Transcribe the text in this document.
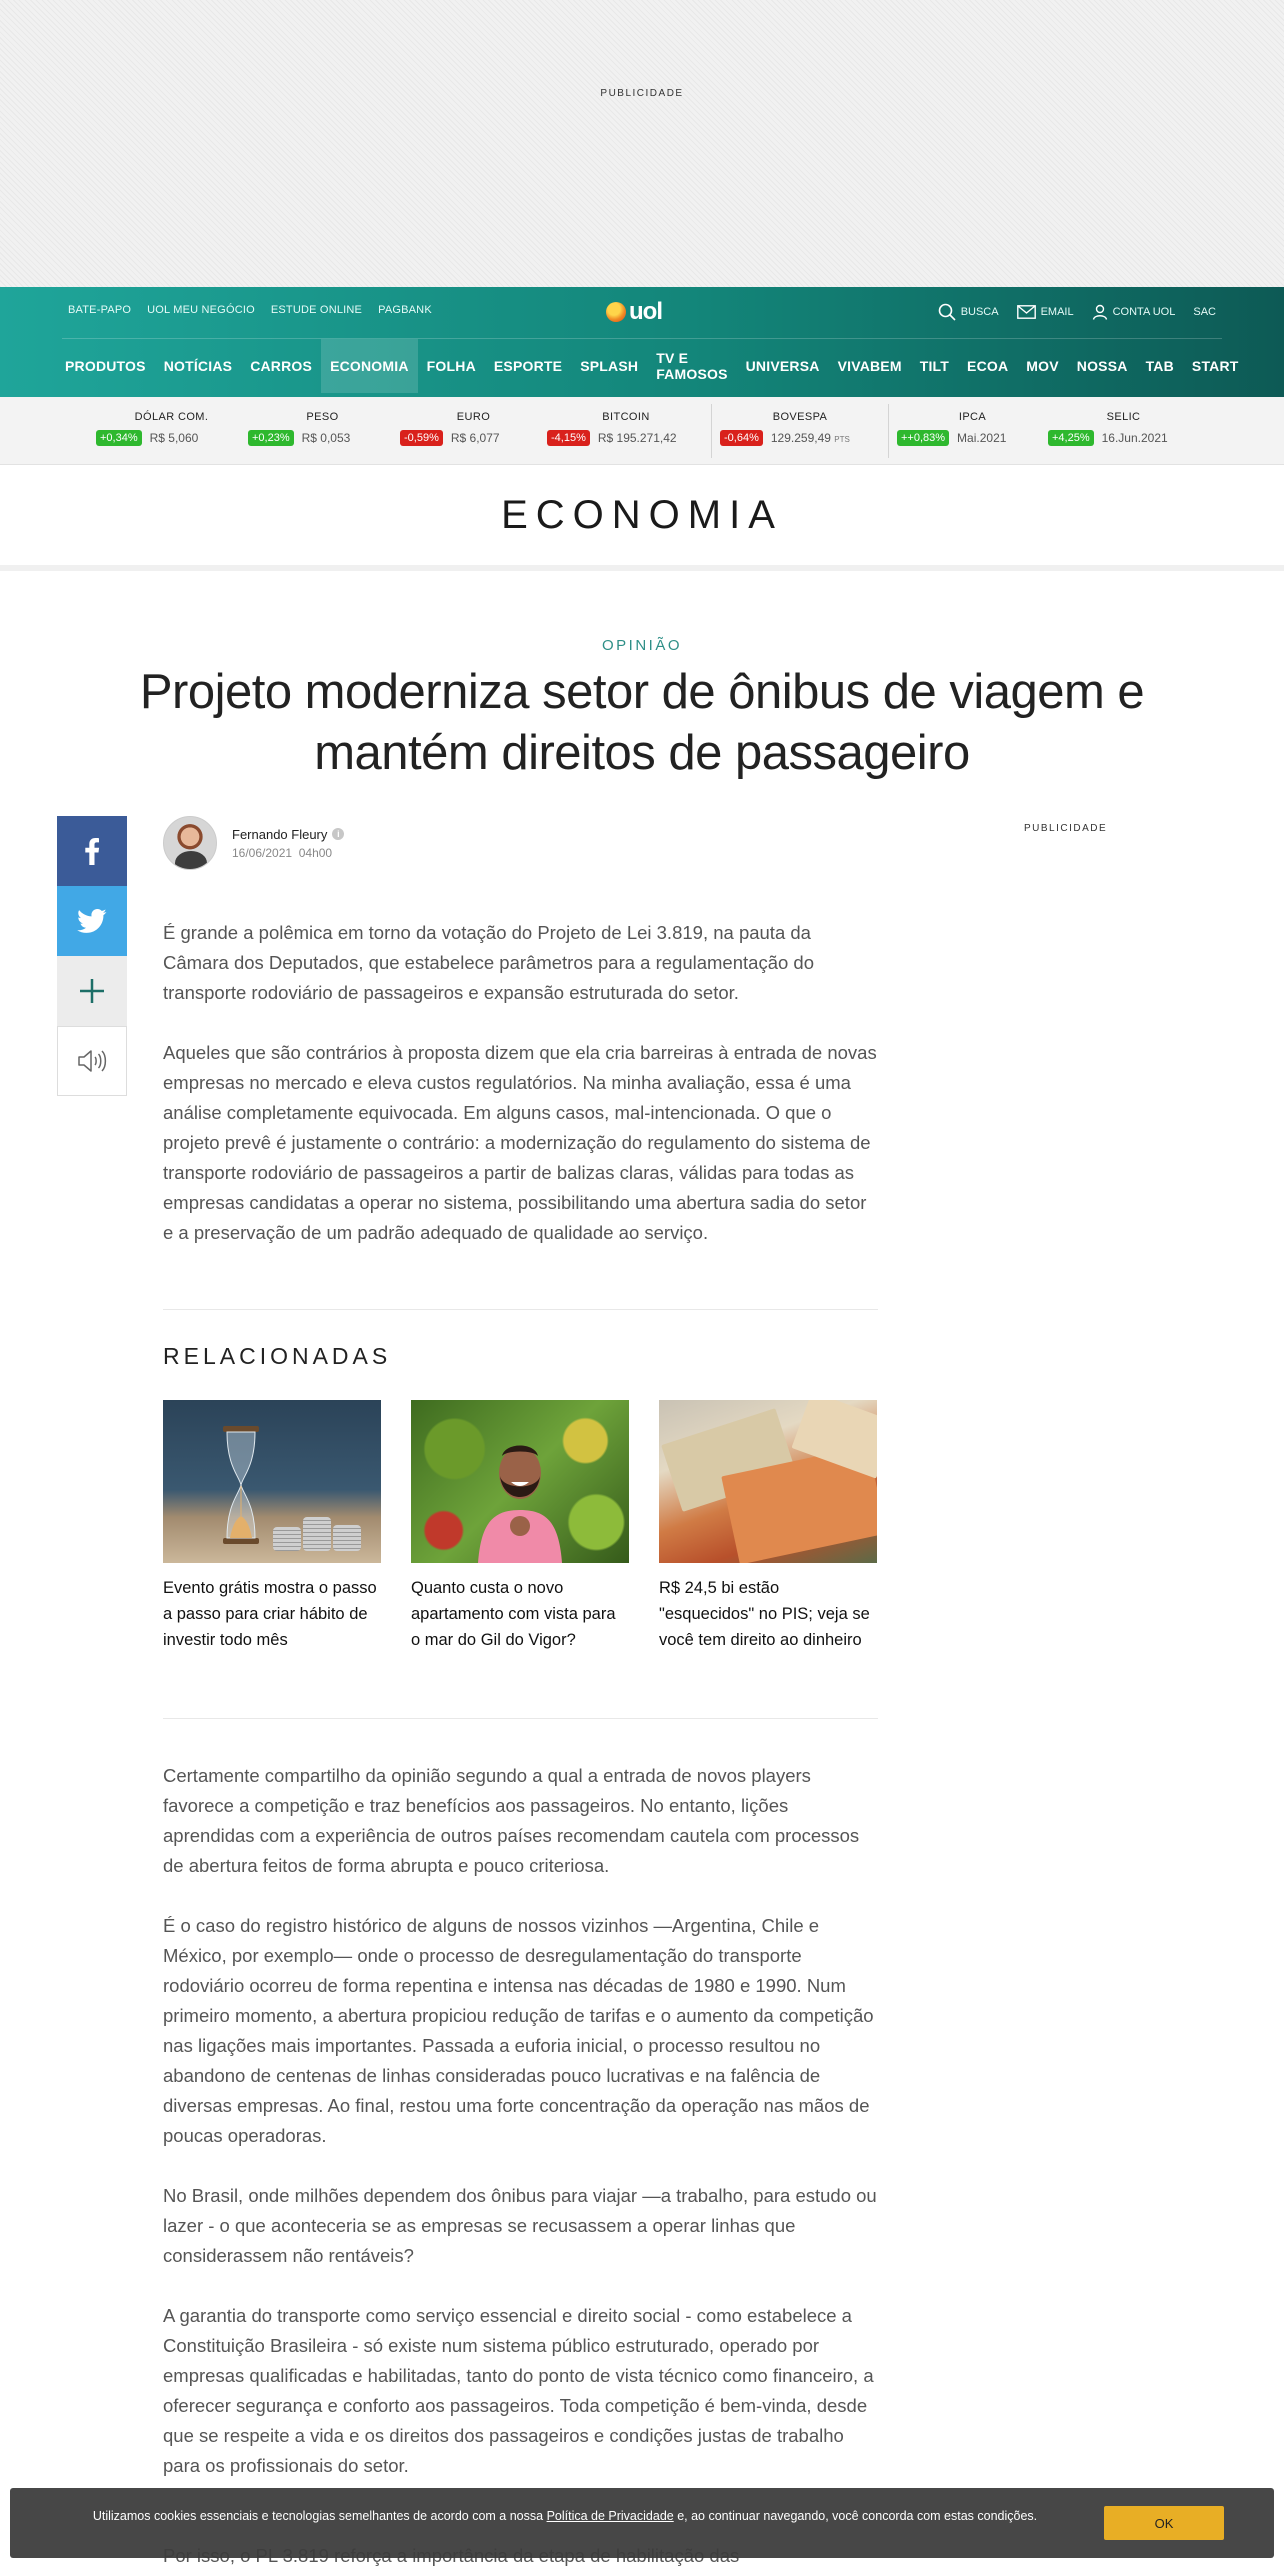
PUBLICIDADE
BATE-PAPO UOL MEU NEGÓCIO ESTUDE ONLINE PAGBANK	uol	BUSCA	EMAIL	CONTA UOL SAC
PRODUTOS	NOTÍCIAS	CARROS	ECONOMIA	FOLHA	ESPORTE	SPLASH	TV E FAMOSOS	UNIVERSA	VIVABEM	TILT	ECOA	MOV	NOSSA	TAB	START
DÓLAR COM.
+0,34%	R$ 5,060
PESO
+0,23%	R$ 0,053
EURO
-0,59%	R$ 6,077
BITCOIN
-4,15%	R$ 195.271,42
BOVESPA
-0,64%	129.259,49 PTS
IPCA
++0,83%	Mai.2021
SELIC
+4,25%	16.Jun.2021
ECONOMIA
OPINIÃO
Projeto moderniza setor de ônibus de viagem e mantém direitos de passageiro
Fernando Fleury	i
16/06/2021 04h00
PUBLICIDADE

É grande a polêmica em torno da votação do Projeto de Lei 3.819, na pauta da Câmara dos Deputados, que estabelece parâmetros para a regulamentação do transporte rodoviário de passageiros e expansão estruturada do setor.

Aqueles que são contrários à proposta dizem que ela cria barreiras à entrada de novas empresas no mercado e eleva custos regulatórios. Na minha avaliação, essa é uma análise completamente equivocada. Em alguns casos, mal-intencionada. O que o projeto prevê é justamente o contrário: a modernização do regulamento do sistema de transporte rodoviário de passageiros a partir de balizas claras, válidas para todas as empresas candidatas a operar no sistema, possibilitando uma abertura sadia do setor e a preservação de um padrão adequado de qualidade ao serviço.

RELACIONADAS
Evento grátis mostra o passo a passo para criar hábito de investir todo mês
Quanto custa o novo apartamento com vista para o mar do Gil do Vigor?
R$ 24,5 bi estão "esquecidos" no PIS; veja se você tem direito ao dinheiro

Certamente compartilho da opinião segundo a qual a entrada de novos players favorece a competição e traz benefícios aos passageiros. No entanto, lições aprendidas com a experiência de outros países recomendam cautela com processos de abertura feitos de forma abrupta e pouco criteriosa.

É o caso do registro histórico de alguns de nossos vizinhos —Argentina, Chile e México, por exemplo— onde o processo de desregulamentação do transporte rodoviário ocorreu de forma repentina e intensa nas décadas de 1980 e 1990. Num primeiro momento, a abertura propiciou redução de tarifas e o aumento da competição nas ligações mais importantes. Passada a euforia inicial, o processo resultou no abandono de centenas de linhas consideradas pouco lucrativas e na falência de diversas empresas. Ao final, restou uma forte concentração da operação nas mãos de poucas operadoras.

No Brasil, onde milhões dependem dos ônibus para viajar —a trabalho, para estudo ou lazer - o que aconteceria se as empresas se recusassem a operar linhas que considerassem não rentáveis?

A garantia do transporte como serviço essencial e direito social - como estabelece a Constituição Brasileira - só existe num sistema público estruturado, operado por empresas qualificadas e habilitadas, tanto do ponto de vista técnico como financeiro, a oferecer segurança e conforto aos passageiros. Toda competição é bem-vinda, desde que se respeite a vida e os direitos dos passageiros e condições justas de trabalho para os profissionais do setor.

Utilizamos cookies essenciais e tecnologias semelhantes de acordo com a nossa Política de Privacidade e, ao continuar navegando, você concorda com estas condições.	OK
